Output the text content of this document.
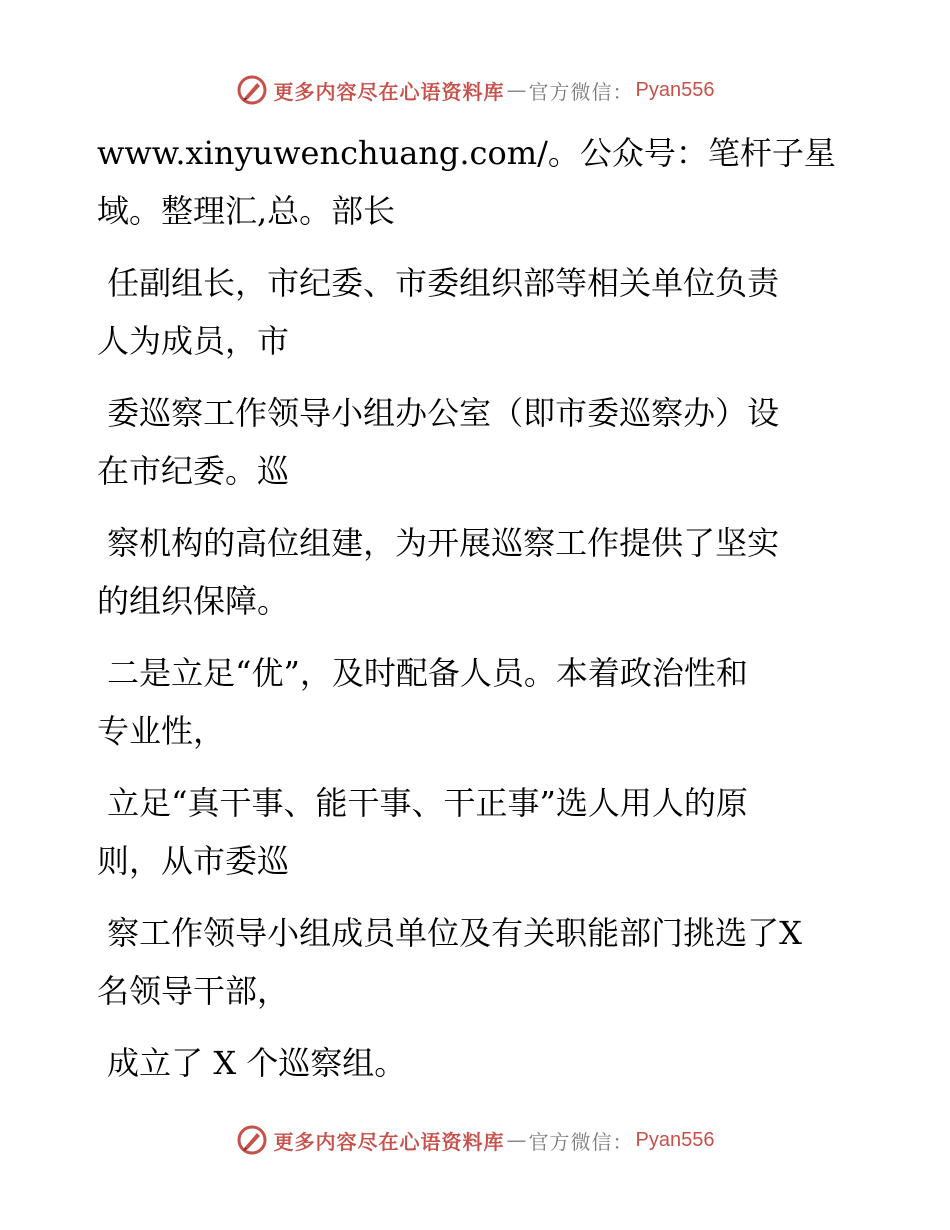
更多内容尽在心语资料库 — 官方微信： Pyan556
www.xinyuwenchuang.com/。公众号：笔杆子星
域。整理汇,总。部长
任副组长，市纪委、市委组织部等相关单位负责
人为成员，市
委巡察工作领导小组办公室（即市委巡察办）设
在市纪委。巡
察机构的高位组建，为开展巡察工作提供了坚实
的组织保障。
二是立足“优”，及时配备人员。本着政治性和
专业性，
立足“真干事、能干事、干正事”选人用人的原
则，从市委巡
察工作领导小组成员单位及有关职能部门挑选了X
名领导干部，
成立了 X 个巡察组。
更多内容尽在心语资料库 — 官方微信： Pyan556
